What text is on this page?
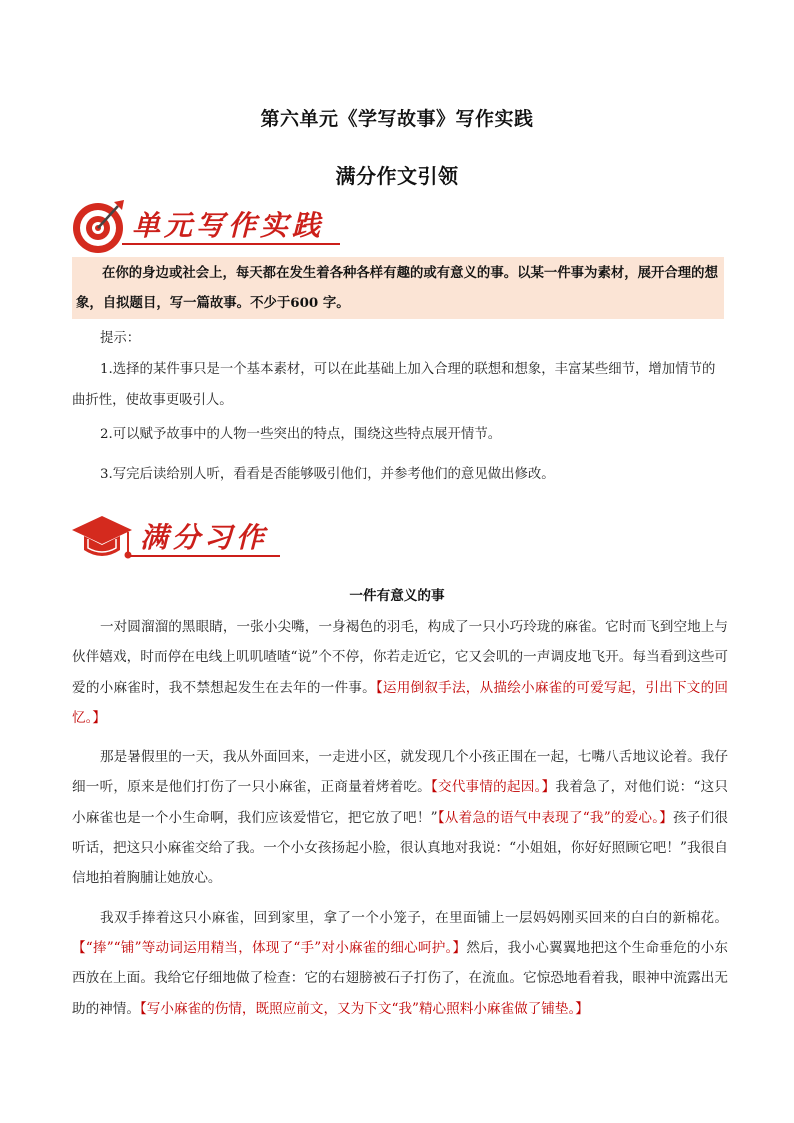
第六单元《学写故事》写作实践
满分作文引领
单元写作实践

在你的身边或社会上，每天都在发生着各种各样有趣的或有意义的事。以某一件事为素材，展开合理的想象，自拟题目，写一篇故事。不少于600 字。

提示：

1.选择的某件事只是一个基本素材，可以在此基础上加入合理的联想和想象，丰富某些细节，增加情节的曲折性，使故事更吸引人。

2.可以赋予故事中的人物一些突出的特点，围绕这些特点展开情节。

3.写完后读给别人听，看看是否能够吸引他们，并参考他们的意见做出修改。

满分习作
一件有意义的事

一对圆溜溜的黑眼睛，一张小尖嘴，一身褐色的羽毛，构成了一只小巧玲珑的麻雀。它时而飞到空地上与伙伴嬉戏，时而停在电线上叽叽喳喳“说”个不停，你若走近它，它又会叽的一声调皮地飞开。每当看到这些可爱的小麻雀时，我不禁想起发生在去年的一件事。【运用倒叙手法，从描绘小麻雀的可爱写起，引出下文的回忆。】

那是暑假里的一天，我从外面回来，一走进小区，就发现几个小孩正围在一起，七嘴八舌地议论着。我仔细一听，原来是他们打伤了一只小麻雀，正商量着烤着吃。【交代事情的起因。】我着急了，对他们说：“这只小麻雀也是一个小生命啊，我们应该爱惜它，把它放了吧！”【从着急的语气中表现了“我”的爱心。】孩子们很听话，把这只小麻雀交给了我。一个小女孩扬起小脸，很认真地对我说：“小姐姐，你好好照顾它吧！”我很自信地拍着胸脯让她放心。

我双手捧着这只小麻雀，回到家里，拿了一个小笼子，在里面铺上一层妈妈刚买回来的白白的新棉花。【“捧”“铺”等动词运用精当，体现了“手”对小麻雀的细心呵护。】然后，我小心翼翼地把这个生命垂危的小东西放在上面。我给它仔细地做了检查：它的右翅膀被石子打伤了，在流血。它惊恐地看着我，眼神中流露出无助的神情。【写小麻雀的伤情，既照应前文，又为下文“我”精心照料小麻雀做了铺垫。】
